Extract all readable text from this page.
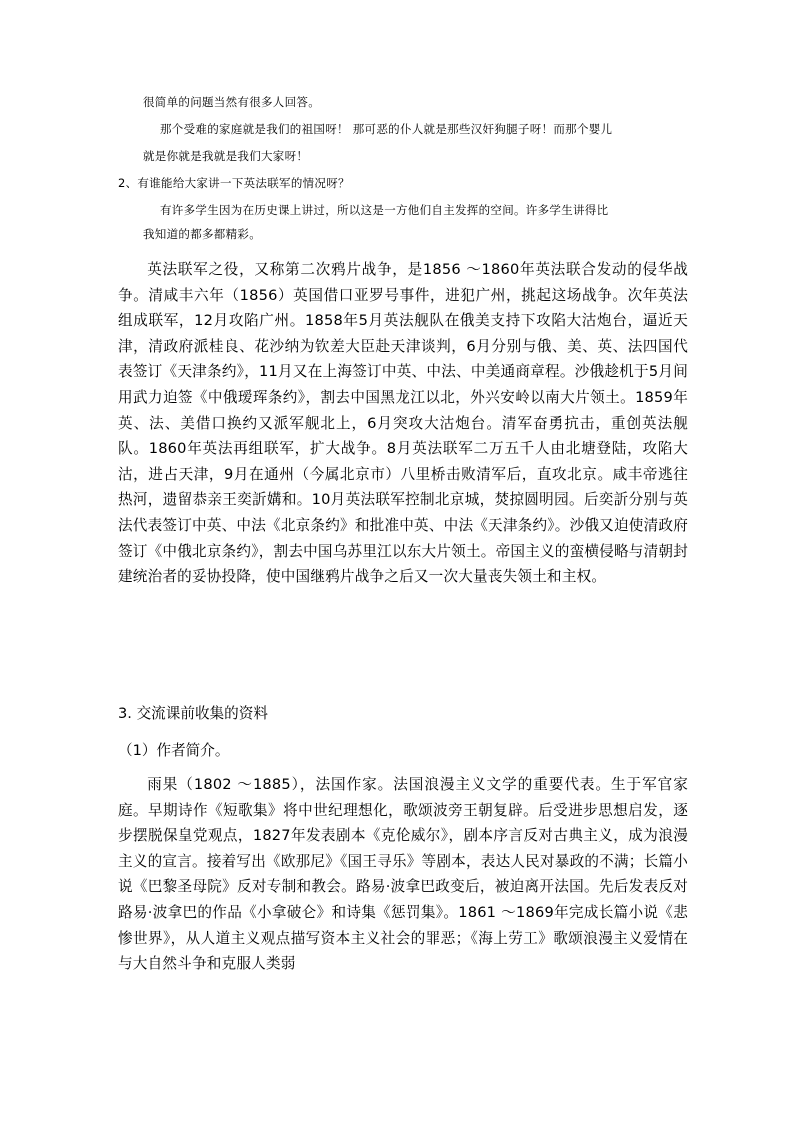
很简单的问题当然有很多人回答。
那个受难的家庭就是我们的祖国呀！ 那可恶的仆人就是那些汉奸狗腿子呀！而那个婴儿
就是你就是我就是我们大家呀！
2、有谁能给大家讲一下英法联军的情况呀？
有许多学生因为在历史课上讲过，所以这是一方他们自主发挥的空间。许多学生讲得比
我知道的都多都精彩。

英法联军之役，又称第二次鸦片战争，是1856 ～1860年英法联合发动的侵华战争。清咸丰六年（1856）英国借口亚罗号事件，进犯广州，挑起这场战争。次年英法组成联军，12月攻陷广州。1858年5月英法舰队在俄美支持下攻陷大沽炮台，逼近天津，清政府派桂良、花沙纳为钦差大臣赴天津谈判，6月分别与俄、美、英、法四国代表签订《天津条约》，11月又在上海签订中英、中法、中美通商章程。沙俄趁机于5月间用武力迫签《中俄瑷珲条约》，割去中国黑龙江以北，外兴安岭以南大片领土。1859年英、法、美借口换约又派军舰北上，6月突攻大沽炮台。清军奋勇抗击，重创英法舰队。1860年英法再组联军，扩大战争。8月英法联军二万五千人由北塘登陆，攻陷大沽，进占天津，9月在通州（今属北京市）八里桥击败清军后，直攻北京。咸丰帝逃往热河，遗留恭亲王奕訢媾和。10月英法联军控制北京城，焚掠圆明园。后奕訢分别与英法代表签订中英、中法《北京条约》和批准中英、中法《天津条约》。沙俄又迫使清政府签订《中俄北京条约》，割去中国乌苏里江以东大片领土。帝国主义的蛮横侵略与清朝封建统治者的妥协投降，使中国继鸦片战争之后又一次大量丧失领土和主权。

3. 交流课前收集的资料
（1）作者简介。

雨果（1802 ～1885），法国作家。法国浪漫主义文学的重要代表。生于军官家庭。早期诗作《短歌集》将中世纪理想化，歌颂波旁王朝复辟。后受进步思想启发，逐步摆脱保皇党观点，1827年发表剧本《克伦威尔》，剧本序言反对古典主义，成为浪漫主义的宣言。接着写出《欧那尼》《国王寻乐》等剧本，表达人民对暴政的不满；长篇小说《巴黎圣母院》反对专制和教会。路易·波拿巴政变后，被迫离开法国。先后发表反对路易·波拿巴的作品《小拿破仑》和诗集《惩罚集》。1861 ～1869年完成长篇小说《悲惨世界》，从人道主义观点描写资本主义社会的罪恶；《海上劳工》歌颂浪漫主义爱情在与大自然斗争和克服人类弱
